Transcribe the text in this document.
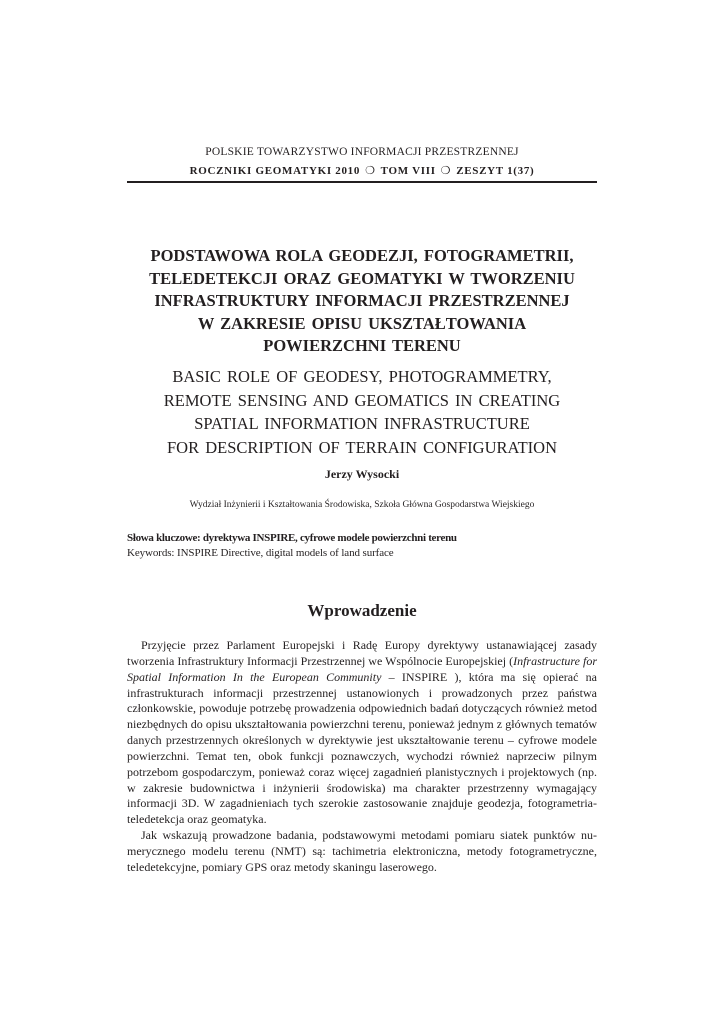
POLSKIE TOWARZYSTWO INFORMACJI PRZESTRZENNEJ
ROCZNIKI GEOMATYKI 2010 ❍ TOM VIII ❍ ZESZYT 1(37)
PODSTAWOWA ROLA GEODEZJI, FOTOGRAMETRII,
TELEDETEKCJI ORAZ GEOMATYKI W TWORZENIU
INFRASTRUKTURY INFORMACJI PRZESTRZENNEJ
W ZAKRESIE OPISU UKSZTAŁTOWANIA
POWIERZCHNI TERENU
BASIC ROLE OF GEODESY, PHOTOGRAMMETRY,
REMOTE SENSING AND GEOMATICS IN CREATING
SPATIAL INFORMATION INFRASTRUCTURE
FOR DESCRIPTION OF TERRAIN CONFIGURATION
Jerzy Wysocki
Wydział Inżynierii i Kształtowania Środowiska, Szkoła Główna Gospodarstwa Wiejskiego
Słowa kluczowe: dyrektywa INSPIRE, cyfrowe modele powierzchni terenu
Keywords: INSPIRE Directive, digital models of land surface
Wprowadzenie

Przyjęcie przez Parlament Europejski i Radę Europy dyrektywy ustanawiającej zasady tworzenia Infrastruktury Informacji Przestrzennej we Wspólnocie Europejskiej (Infrastructure for Spatial Information In the European Community – INSPIRE ), która ma się opierać na infrastrukturach informacji przestrzennej ustanowionych i prowadzonych przez państwa członkowskie, powoduje potrzebę prowadzenia odpowiednich badań dotyczących również metod niezbędnych do opisu ukształtowania powierzchni terenu, ponieważ jednym z głównych tematów danych przestrzennych określonych w dyrektywie jest ukształtowanie terenu – cyfrowe modele powierzchni. Temat ten, obok funkcji poznawczych, wychodzi również naprzeciw pilnym potrzebom gospodarczym, ponieważ coraz więcej zagadnień planistycznych i projektowych (np. w zakresie budownictwa i inżynierii środowiska) ma charakter przestrzenny wymagający informacji 3D. W zagadnieniach tych szerokie zastosowanie znajduje geodezja, fotogrametria-teledetekcja oraz geomatyka.

Jak wskazują prowadzone badania, podstawowymi metodami pomiaru siatek punktów numerycznego modelu terenu (NMT) są: tachimetria elektroniczna, metody fotogrametryczne, teledetekcyjne, pomiary GPS oraz metody skaningu laserowego.
